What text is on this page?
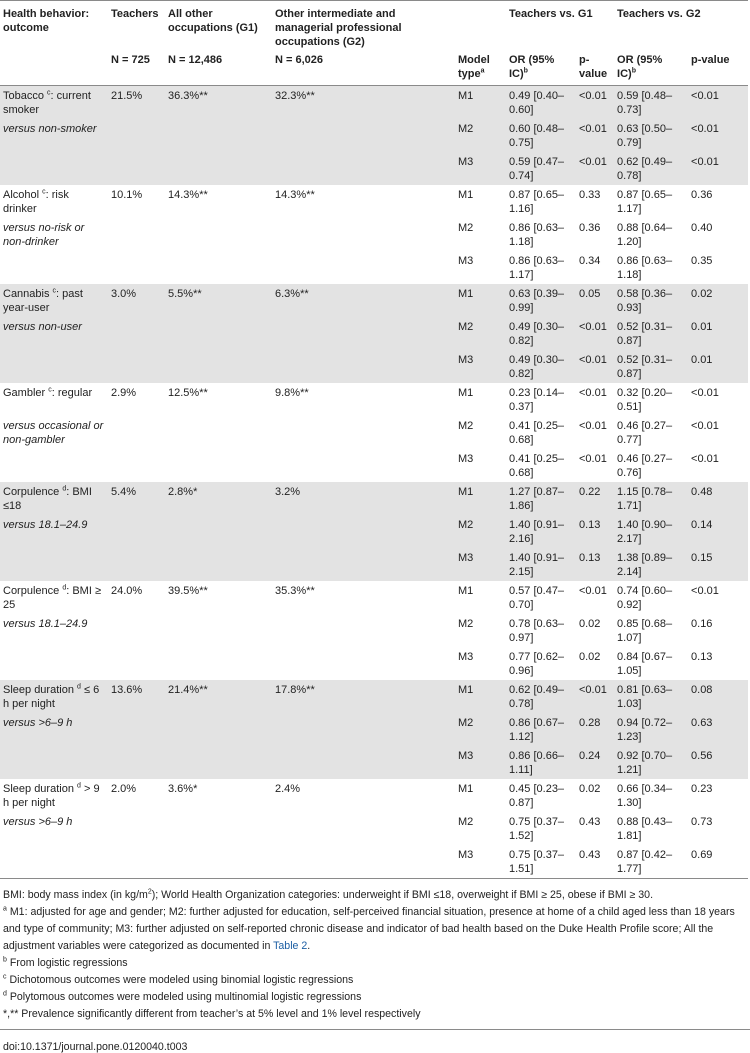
Health behavior: outcome	Teachers	All other occupations (G1)	Other intermediate and managerial professional occupations (G2)		Teachers vs. G1		Teachers vs. G2	
	N = 725	N = 12,486	N = 6,026	Model type$^a$	OR (95% IC)$^b$	p-value	OR (95% IC)$^b$	p-value
Tobacco $^c$: current smoker	21.5%	36.3%**	32.3%**	M1	0.49 [0.40–0.60]	<0.01	0.59 [0.48–0.73]	<0.01
versus non-smoker				M2	0.60 [0.48–0.75]	<0.01	0.63 [0.50–0.79]	<0.01
				M3	0.59 [0.47–0.74]	<0.01	0.62 [0.49–0.78]	<0.01
Alcohol $^c$: risk drinker	10.1%	14.3%**	14.3%**	M1	0.87 [0.65–1.16]	0.33	0.87 [0.65–1.17]	0.36
versus no-risk or non-drinker				M2	0.86 [0.63–1.18]	0.36	0.88 [0.64–1.20]	0.40
				M3	0.86 [0.63–1.17]	0.34	0.86 [0.63–1.18]	0.35
Cannabis $^c$: past year-user	3.0%	5.5%**	6.3%**	M1	0.63 [0.39–0.99]	0.05	0.58 [0.36–0.93]	0.02
versus non-user				M2	0.49 [0.30–0.82]	<0.01	0.52 [0.31–0.87]	0.01
				M3	0.49 [0.30–0.82]	<0.01	0.52 [0.31–0.87]	0.01
Gambler $^c$: regular	2.9%	12.5%**	9.8%**	M1	0.23 [0.14–0.37]	<0.01	0.32 [0.20–0.51]	<0.01
versus occasional or non-gambler				M2	0.41 [0.25–0.68]	<0.01	0.46 [0.27–0.77]	<0.01
				M3	0.41 [0.25–0.68]	<0.01	0.46 [0.27–0.76]	<0.01
Corpulence $^d$: BMI ≤18	5.4%	2.8%*	3.2%	M1	1.27 [0.87–1.86]	0.22	1.15 [0.78–1.71]	0.48
versus 18.1–24.9				M2	1.40 [0.91–2.16]	0.13	1.40 [0.90–2.17]	0.14
				M3	1.40 [0.91–2.15]	0.13	1.38 [0.89–2.14]	0.15
Corpulence $^d$: BMI ≥ 25	24.0%	39.5%**	35.3%**	M1	0.57 [0.47–0.70]	<0.01	0.74 [0.60–0.92]	<0.01
versus 18.1–24.9				M2	0.78 [0.63–0.97]	0.02	0.85 [0.68–1.07]	0.16
				M3	0.77 [0.62–0.96]	0.02	0.84 [0.67–1.05]	0.13
Sleep duration $^d$ ≤ 6 h per night	13.6%	21.4%**	17.8%**	M1	0.62 [0.49–0.78]	<0.01	0.81 [0.63–1.03]	0.08
versus >6–9 h				M2	0.86 [0.67–1.12]	0.28	0.94 [0.72–1.23]	0.63
				M3	0.86 [0.66–1.11]	0.24	0.92 [0.70–1.21]	0.56
Sleep duration $^d$ > 9 h per night	2.0%	3.6%*	2.4%	M1	0.45 [0.23–0.87]	0.02	0.66 [0.34–1.30]	0.23
versus >6–9 h				M2	0.75 [0.37–1.52]	0.43	0.88 [0.43–1.81]	0.73
				M3	0.75 [0.37–1.51]	0.43	0.87 [0.42–1.77]	0.69

BMI: body mass index (in $kg/m^2$); World Health Organization categories: underweight if BMI ≤18, overweight if BMI ≥ 25, obese if BMI ≥ 30.

$^a$ M1: adjusted for age and gender; M2: further adjusted for education, self-perceived financial situation, presence at home of a child aged less than 18 years and type of community; M3: further adjusted on self-reported chronic disease and indicator of bad health based on the Duke Health Profile score; All the adjustment variables were categorized as documented in Table 2.

$^b$ From logistic regressions

$^c$ Dichotomous outcomes were modeled using binomial logistic regressions

$^d$ Polytomous outcomes were modeled using multinomial logistic regressions

*,** Prevalence significantly different from teacher’s at 5% level and 1% level respectively

doi:10.1371/journal.pone.0120040.t003
